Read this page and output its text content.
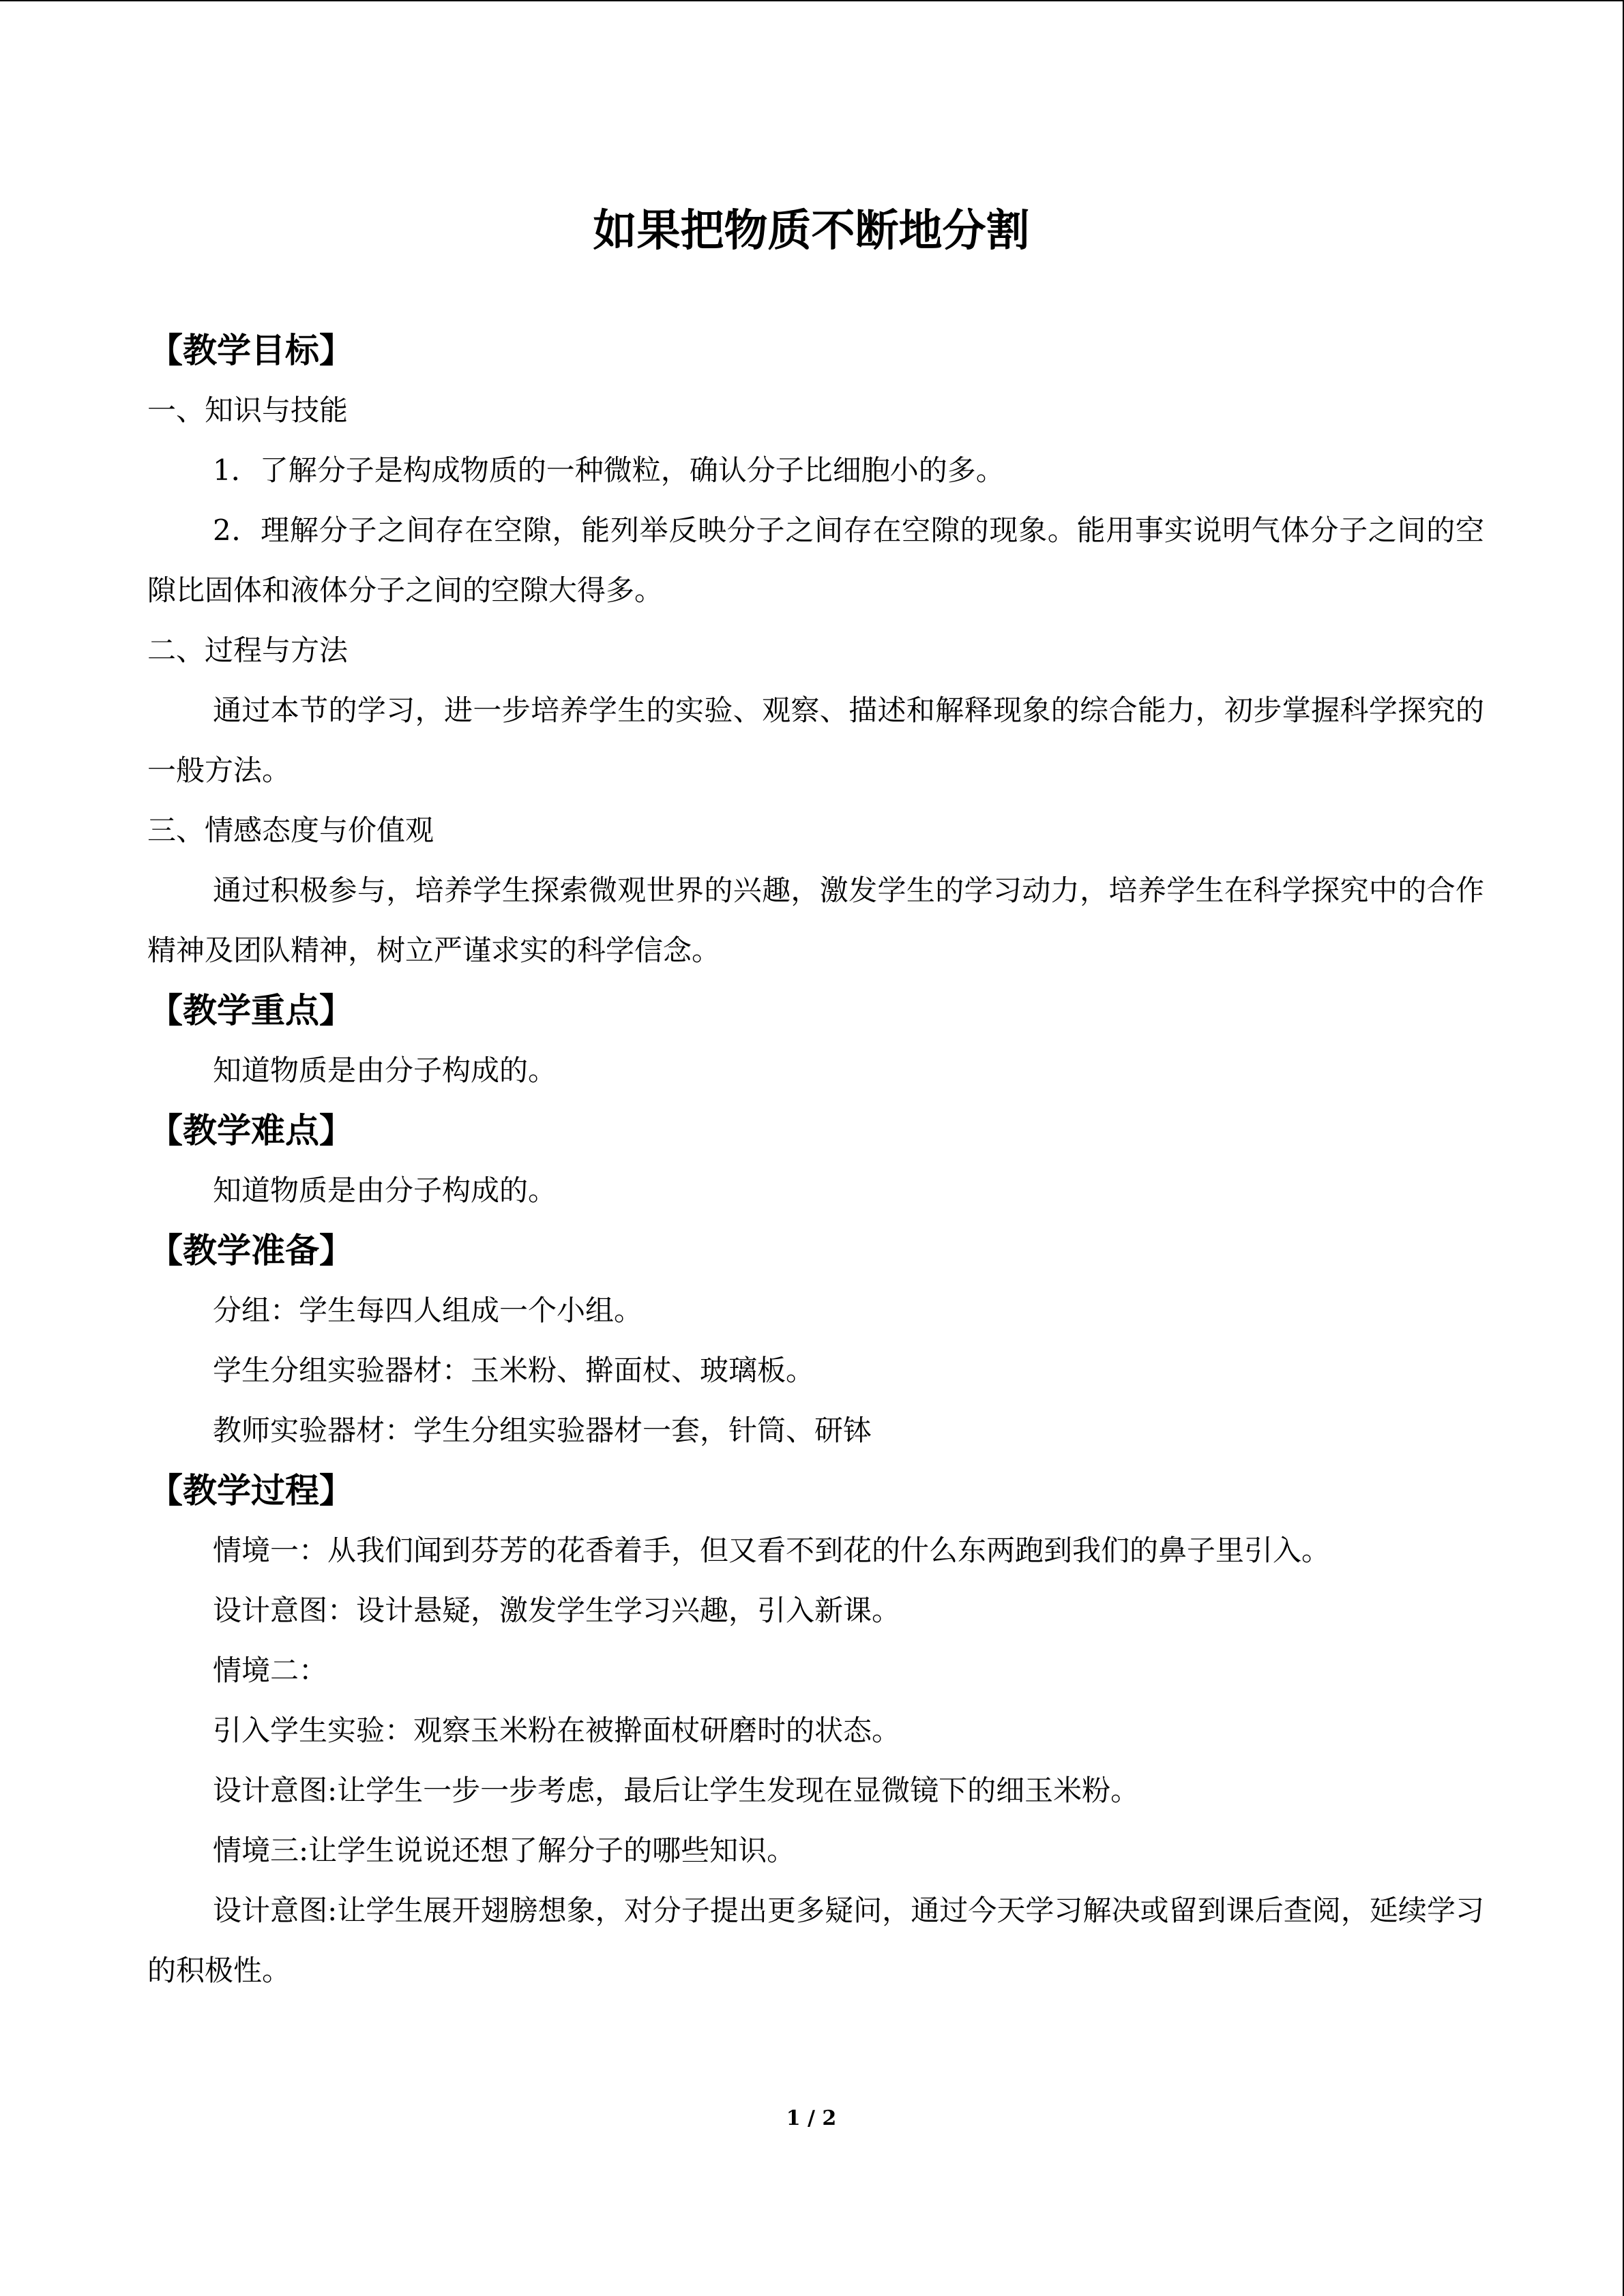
如果把物质不断地分割
【教学目标】
一、知识与技能
1．了解分子是构成物质的一种微粒，确认分子比细胞小的多。
2．理解分子之间存在空隙，能列举反映分子之间存在空隙的现象。能用事实说明气体分子之间的空隙比固体和液体分子之间的空隙大得多。
二、过程与方法
通过本节的学习，进一步培养学生的实验、观察、描述和解释现象的综合能力，初步掌握科学探究的一般方法。
三、情感态度与价值观
通过积极参与，培养学生探索微观世界的兴趣，激发学生的学习动力，培养学生在科学探究中的合作精神及团队精神，树立严谨求实的科学信念。
【教学重点】
知道物质是由分子构成的。
【教学难点】
知道物质是由分子构成的。
【教学准备】
分组：学生每四人组成一个小组。
学生分组实验器材：玉米粉、擀面杖、玻璃板。
教师实验器材：学生分组实验器材一套，针筒、研钵
【教学过程】
情境一：从我们闻到芬芳的花香着手，但又看不到花的什么东两跑到我们的鼻子里引入。
设计意图：设计悬疑，激发学生学习兴趣，引入新课。
情境二：
引入学生实验：观察玉米粉在被擀面杖研磨时的状态。
设计意图:让学生一步一步考虑，最后让学生发现在显微镜下的细玉米粉。
情境三:让学生说说还想了解分子的哪些知识。
设计意图:让学生展开翅膀想象，对分子提出更多疑问，通过今天学习解决或留到课后查阅，延续学习的积极性。
1 / 2
